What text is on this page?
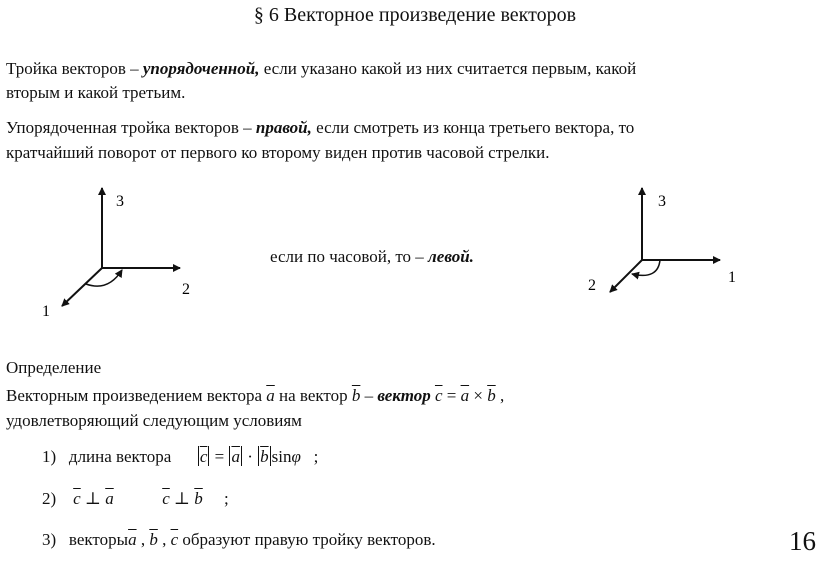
§ 6 Векторное произведение векторов
Тройка векторов – упорядоченной, если указано какой из них считается первым, какой
вторым и какой третьим.
Упорядоченная тройка векторов – правой, если смотреть из конца третьего вектора, то
кратчайший поворот от первого ко второму виден против часовой стрелки.
3
2
1
если по часовой, то – левой.
3
1
2
Определение
Векторным произведением вектора $\overline{a}$ на вектор $\overline{b}$ – вектор $\overline{c} = \overline{a} \times \overline{b}$ ,
удовлетворяющий следующим условиям
1) длина вектора $\overline{c} = \overline{a} \cdot \overline{b}$ sinφ ;
2) $\overline{c}$ ⊥ $\overline{a}$	$\overline{c}$ ⊥ $\overline{b}$ ;
3) $векторы\overline{a}$ , $\overline{b}$ , $\overline{c}$ образуют правую тройку векторов.	16
